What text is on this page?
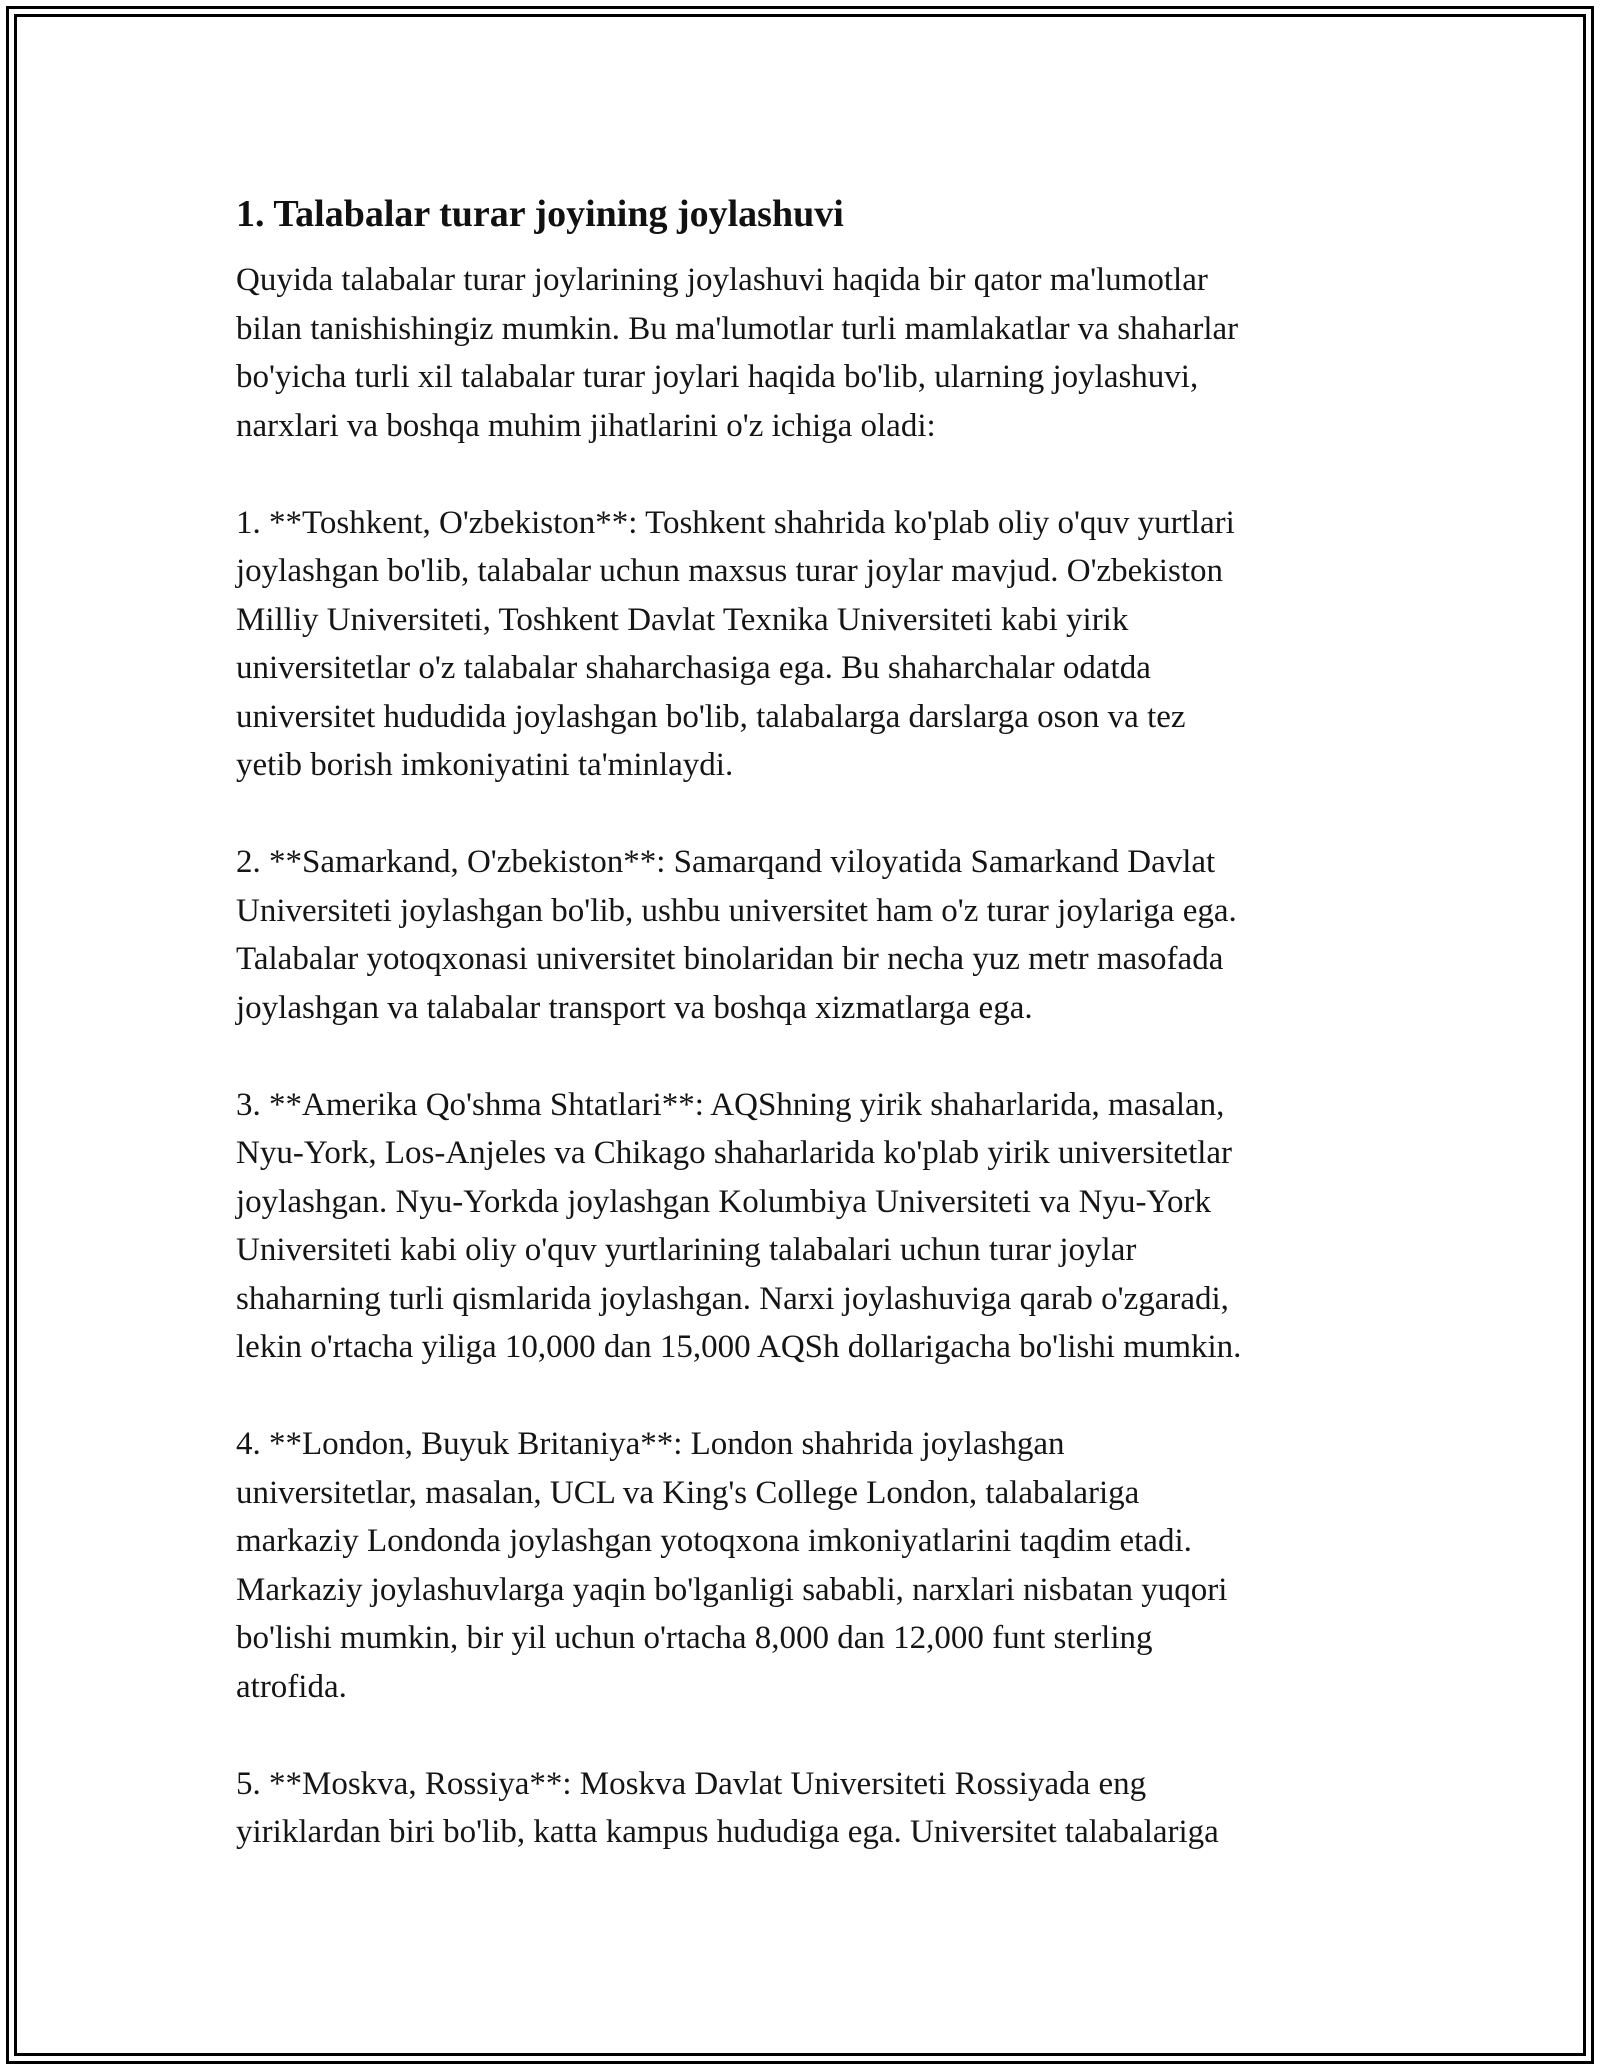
1. Talabalar turar joyining joylashuvi

Quyida talabalar turar joylarining joylashuvi haqida bir qator ma'lumotlar
bilan tanishishingiz mumkin. Bu ma'lumotlar turli mamlakatlar va shaharlar
bo'yicha turli xil talabalar turar joylari haqida bo'lib, ularning joylashuvi,
narxlari va boshqa muhim jihatlarini o'z ichiga oladi:

1. **Toshkent, O'zbekiston**: Toshkent shahrida ko'plab oliy o'quv yurtlari
joylashgan bo'lib, talabalar uchun maxsus turar joylar mavjud. O'zbekiston
Milliy Universiteti, Toshkent Davlat Texnika Universiteti kabi yirik
universitetlar o'z talabalar shaharchasiga ega. Bu shaharchalar odatda
universitet hududida joylashgan bo'lib, talabalarga darslarga oson va tez
yetib borish imkoniyatini ta'minlaydi.

2. **Samarkand, O'zbekiston**: Samarqand viloyatida Samarkand Davlat
Universiteti joylashgan bo'lib, ushbu universitet ham o'z turar joylariga ega.
Talabalar yotoqxonasi universitet binolaridan bir necha yuz metr masofada
joylashgan va talabalar transport va boshqa xizmatlarga ega.

3. **Amerika Qo'shma Shtatlari**: AQShning yirik shaharlarida, masalan,
Nyu-York, Los-Anjeles va Chikago shaharlarida ko'plab yirik universitetlar
joylashgan. Nyu-Yorkda joylashgan Kolumbiya Universiteti va Nyu-York
Universiteti kabi oliy o'quv yurtlarining talabalari uchun turar joylar
shaharning turli qismlarida joylashgan. Narxi joylashuviga qarab o'zgaradi,
lekin o'rtacha yiliga 10,000 dan 15,000 AQSh dollarigacha bo'lishi mumkin.

4. **London, Buyuk Britaniya**: London shahrida joylashgan
universitetlar, masalan, UCL va King's College London, talabalariga
markaziy Londonda joylashgan yotoqxona imkoniyatlarini taqdim etadi.
Markaziy joylashuvlarga yaqin bo'lganligi sababli, narxlari nisbatan yuqori
bo'lishi mumkin, bir yil uchun o'rtacha 8,000 dan 12,000 funt sterling
atrofida.

5. **Moskva, Rossiya**: Moskva Davlat Universiteti Rossiyada eng
yiriklardan biri bo'lib, katta kampus hududiga ega. Universitet talabalariga
